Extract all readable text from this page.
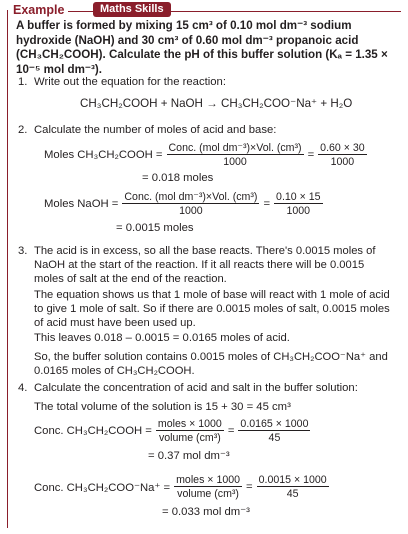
Example	Maths Skills
A buffer is formed by mixing 15 cm³ of 0.10 mol dm⁻³ sodium hydroxide (NaOH) and 30 cm³ of 0.60 mol dm⁻³ propanoic acid (CH₃CH₂COOH). Calculate the pH of this buffer solution (Kₐ = 1.35 × 10⁻⁵ mol dm⁻³).
1. Write out the equation for the reaction:
CH₃CH₂COOH + NaOH → CH₃CH₂COO⁻Na⁺ + H₂O
2. Calculate the number of moles of acid and base:
Moles CH₃CH₂COOH = $\frac{\text{Conc. (mol dm⁻³)×Vol. (cm³)}}{1000} = \frac{0.60 \times 30}{1000}$
= 0.018 moles
Moles NaOH = $\frac{\text{Conc. (mol dm⁻³)×Vol. (cm³)}}{1000} = \frac{0.10 \times 15}{1000}$
= 0.0015 moles
3. The acid is in excess, so all the base reacts. There's 0.0015 moles of NaOH at the start of the reaction. If it all reacts there will be 0.0015 moles of salt at the end of the reaction.
The equation shows us that 1 mole of base will react with 1 mole of acid to give 1 mole of salt. So if there are 0.0015 moles of salt, 0.0015 moles of acid must have been used up.
This leaves 0.018 – 0.0015 = 0.0165 moles of acid.
So, the buffer solution contains 0.0015 moles of CH₃CH₂COO⁻Na⁺ and 0.0165 moles of CH₃CH₂COOH.
4. Calculate the concentration of acid and salt in the buffer solution:
The total volume of the solution is 15 + 30 = 45 cm³
Conc. CH₃CH₂COOH = $\frac{\text{moles × 1000}}{\text{volume (cm³)}} = \frac{0.0165 \times 1000}{45}$
= 0.37 mol dm⁻³
Conc. $CH_3CH_2COO^-Na^+ = \frac{\text{moles × 1000}}{\text{volume (cm³)}} = \frac{0.0015 \times 1000}{45}$
= 0.033 mol dm⁻³
